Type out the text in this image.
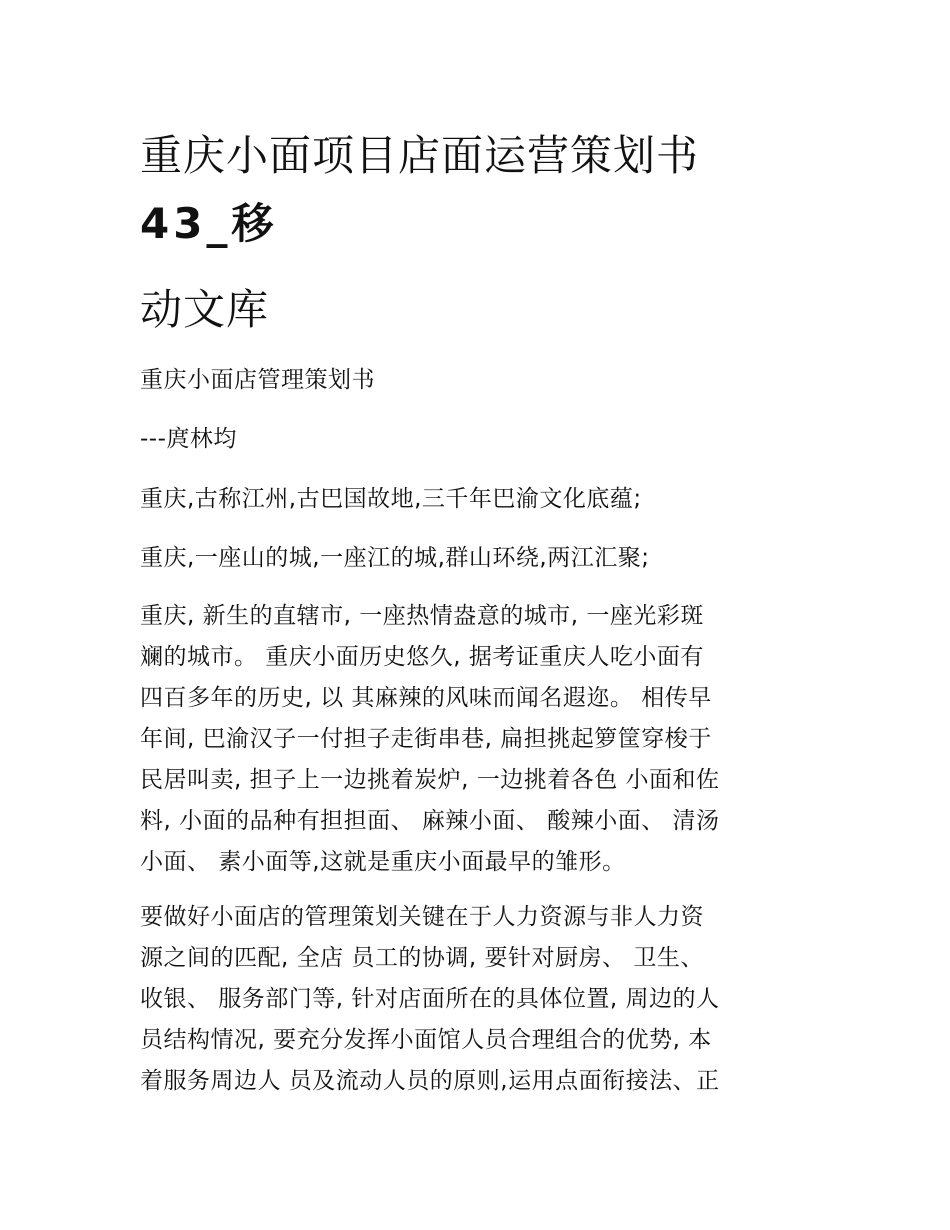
重庆小面项目店面运营策划书
43_移
动文库
重庆小面店管理策划书
---庹林均
重庆,古称江州,古巴国故地,三千年巴渝文化底蕴;
重庆,一座山的城,一座江的城,群山环绕,两江汇聚;
重庆, 新生的直辖市, 一座热情盎意的城市, 一座光彩斑
斓的城市。 重庆小面历史悠久, 据考证重庆人吃小面有
四百多年的历史, 以 其麻辣的风味而闻名遐迩。 相传早
年间, 巴渝汉子一付担子走街串巷, 扁担挑起箩筐穿梭于
民居叫卖, 担子上一边挑着炭炉, 一边挑着各色 小面和佐
料, 小面的品种有担担面、 麻辣小面、 酸辣小面、 清汤
小面、 素小面等,这就是重庆小面最早的雏形。
要做好小面店的管理策划关键在于人力资源与非人力资
源之间的匹配, 全店 员工的协调, 要针对厨房、 卫生、
收银、 服务部门等, 针对店面所在的具体位置, 周边的人
员结构情况, 要充分发挥小面馆人员合理组合的优势, 本
着服务周边人 员及流动人员的原则,运用点面衔接法、正
